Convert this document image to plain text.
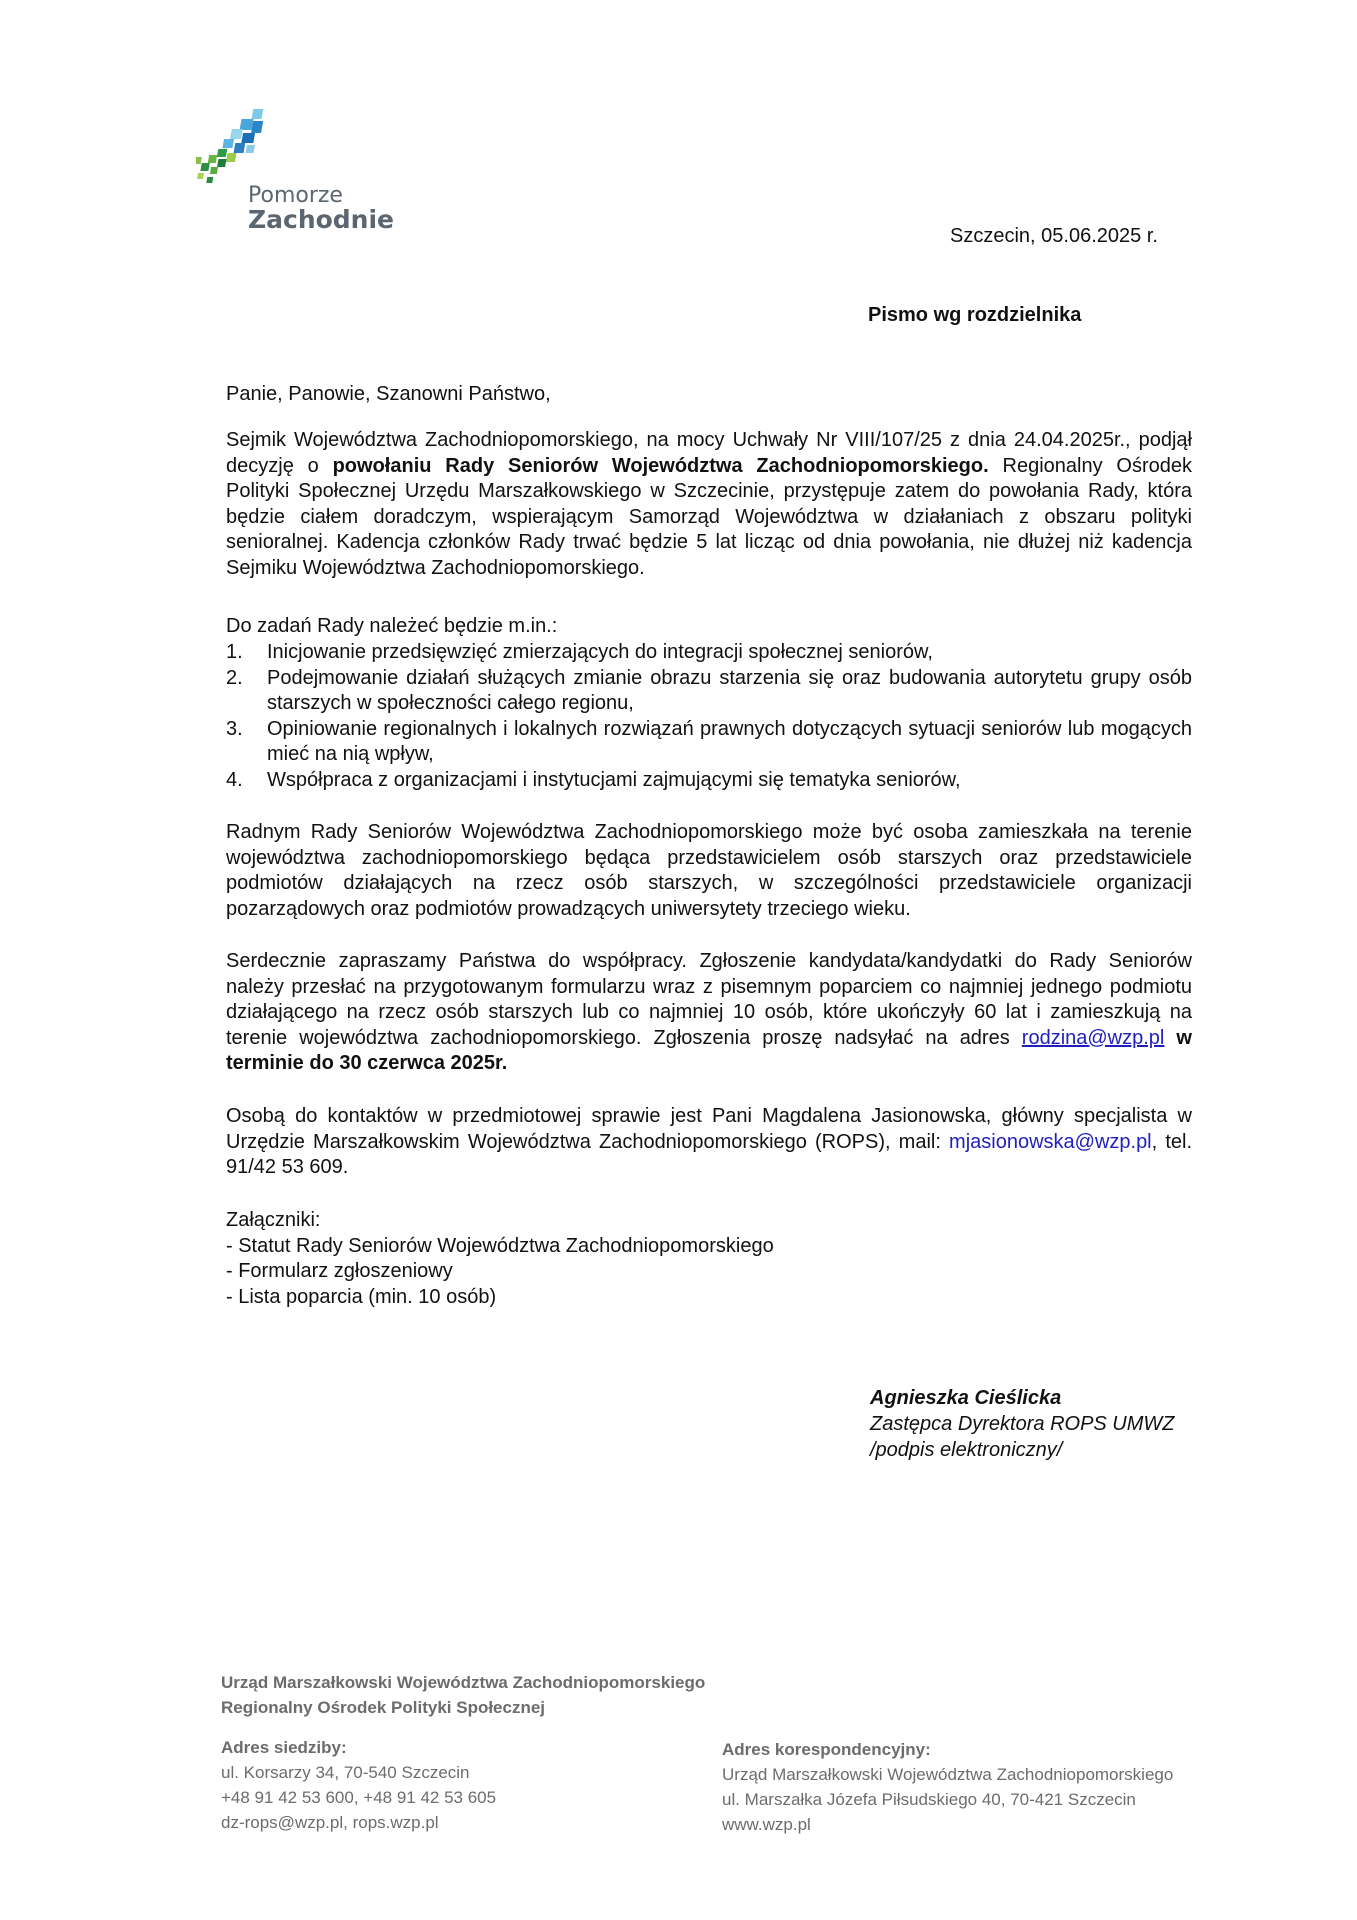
Pomorze
Zachodnie
Szczecin, 05.06.2025 r.
Pismo wg rozdzielnika
Panie, Panowie, Szanowni Państwo,
Sejmik Województwa Zachodniopomorskiego, na mocy Uchwały Nr VIII/107/25 z dnia 24.04.2025r., podjął decyzję o powołaniu Rady Seniorów Województwa Zachodniopomorskiego. Regionalny Ośrodek Polityki Społecznej Urzędu Marszałkowskiego w Szczecinie, przystępuje zatem do powołania Rady, która będzie ciałem doradczym, wspierającym Samorząd Województwa w działaniach z obszaru polityki senioralnej. Kadencja członków Rady trwać będzie 5 lat licząc od dnia powołania, nie dłużej niż kadencja Sejmiku Województwa Zachodniopomorskiego.
Do zadań Rady należeć będzie m.in.:
1.	Inicjowanie przedsięwzięć zmierzających do integracji społecznej seniorów,
2.	Podejmowanie działań służących zmianie obrazu starzenia się oraz budowania autorytetu grupy osób starszych w społeczności całego regionu,
3.	Opiniowanie regionalnych i lokalnych rozwiązań prawnych dotyczących sytuacji seniorów lub mogących mieć na nią wpływ,
4.	Współpraca z organizacjami i instytucjami zajmującymi się tematyka seniorów,
Radnym Rady Seniorów Województwa Zachodniopomorskiego może być osoba zamieszkała na terenie województwa zachodniopomorskiego będąca przedstawicielem osób starszych oraz przedstawiciele podmiotów działających na rzecz osób starszych, w szczególności przedstawiciele organizacji pozarządowych oraz podmiotów prowadzących uniwersytety trzeciego wieku.
Serdecznie zapraszamy Państwa do współpracy. Zgłoszenie kandydata/kandydatki do Rady Seniorów należy przesłać na przygotowanym formularzu wraz z pisemnym poparciem co najmniej jednego podmiotu działającego na rzecz osób starszych lub co najmniej 10 osób, które ukończyły 60 lat i zamieszkują na terenie województwa zachodniopomorskiego. Zgłoszenia proszę nadsyłać na adres rodzina@wzp.pl w terminie do 30 czerwca 2025r.
Osobą do kontaktów w przedmiotowej sprawie jest Pani Magdalena Jasionowska, główny specjalista w Urzędzie Marszałkowskim Województwa Zachodniopomorskiego (ROPS), mail: mjasionowska@wzp.pl, tel. 91/42 53 609.
Załączniki:
- Statut Rady Seniorów Województwa Zachodniopomorskiego
- Formularz zgłoszeniowy
- Lista poparcia (min. 10 osób)
Agnieszka Cieślicka
Zastępca Dyrektora ROPS UMWZ
/podpis elektroniczny/
Urząd Marszałkowski Województwa Zachodniopomorskiego
Regionalny Ośrodek Polityki Społecznej
Adres siedziby:
ul. Korsarzy 34, 70-540 Szczecin
+48 91 42 53 600, +48 91 42 53 605
dz-rops@wzp.pl, rops.wzp.pl
Adres korespondencyjny:
Urząd Marszałkowski Województwa Zachodniopomorskiego
ul. Marszałka Józefa Piłsudskiego 40, 70-421 Szczecin
www.wzp.pl
